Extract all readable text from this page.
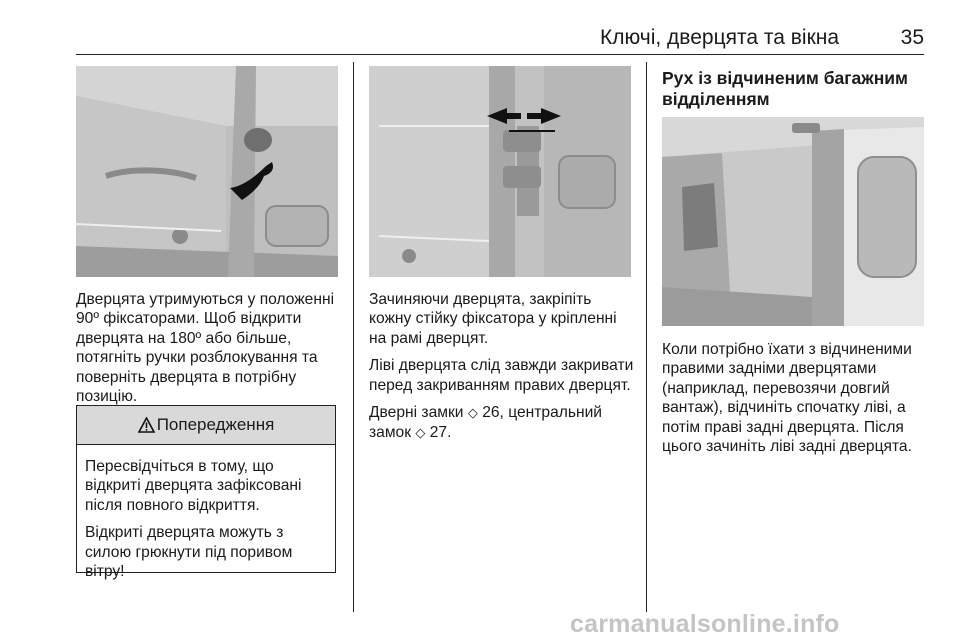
Ключі, дверцята та вікна	35

Дверцята утримуються у положенні 90º фіксаторами. Щоб відкрити дверцята на 180º або більше, потягніть ручки розблокування та поверніть дверцята в потрібну позицію.

Попередження

Пересвідчіться в тому, що відкриті дверцята зафіксовані після повного відкриття.

Відкриті дверцята можуть з силою грюкнути під поривом вітру!

Зачиняючи дверцята, закріпіть кожну стійку фіксатора у кріпленні на рамі дверцят.

Ліві дверцята слід завжди закривати перед закриванням правих дверцят.

Дверні замки ◇ 26, центральний замок ◇ 27.

Рух із відчиненим багажним відділенням

Коли потрібно їхати з відчиненими правими задніми дверцятами (наприклад, перевозячи довгий вантаж), відчиніть спочатку ліві, а потім праві задні дверцята. Після цього зачиніть ліві задні дверцята.

carmanualsonline.info
